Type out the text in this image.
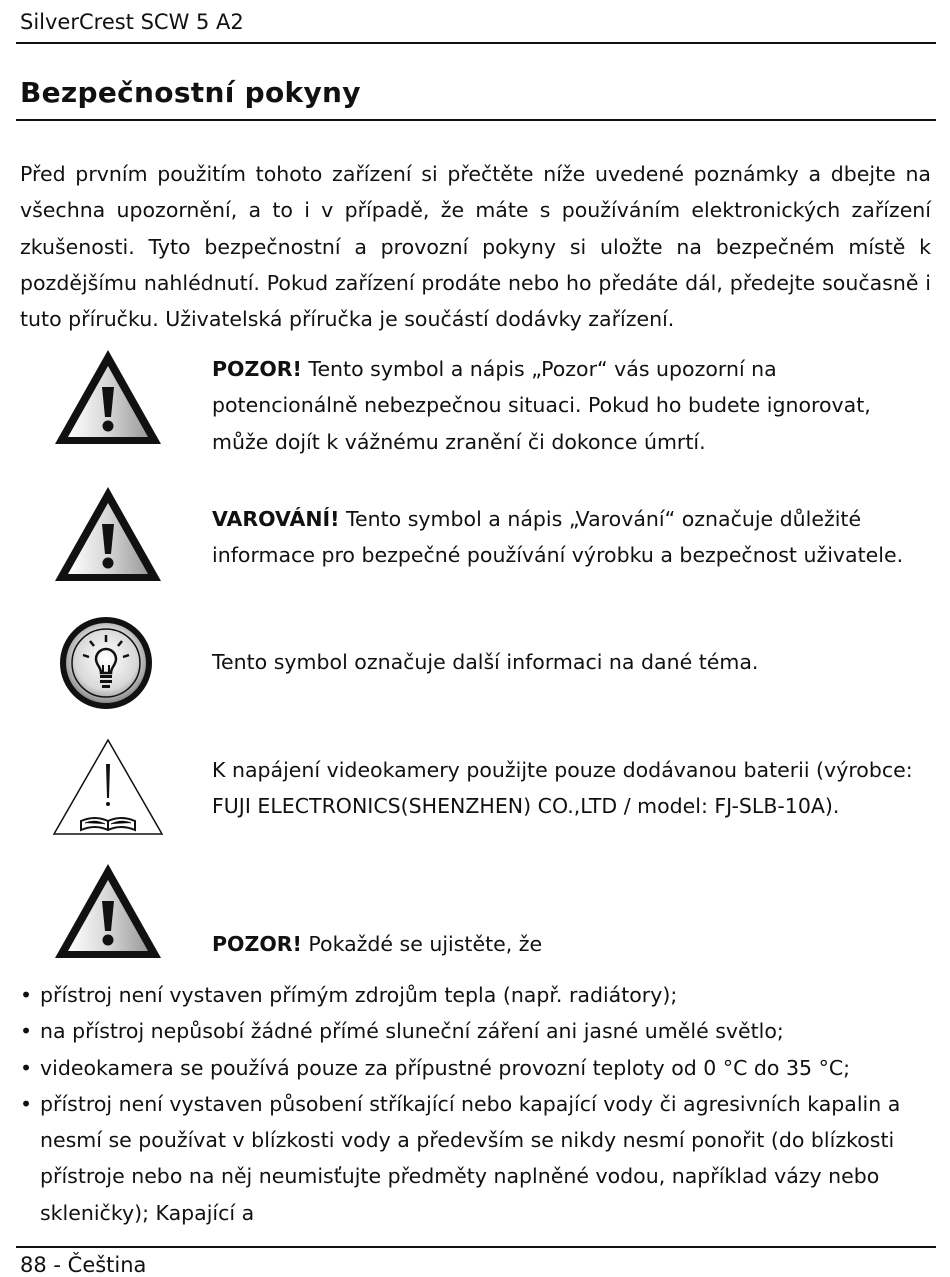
SilverCrest SCW 5 A2
Bezpečnostní pokyny

Před prvním použitím tohoto zařízení si přečtěte níže uvedené poznámky a dbejte na všechna upozornění, a to i v případě, že máte s používáním elektronických zařízení zkušenosti. Tyto bezpečnostní a provozní pokyny si uložte na bezpečném místě k pozdějšímu nahlédnutí. Pokud zařízení prodáte nebo ho předáte dál, předejte současně i tuto příručku. Uživatelská příručka je součástí dodávky zařízení.

POZOR! Tento symbol a nápis „Pozor“ vás upozorní na potencionálně nebezpečnou situaci. Pokud ho budete ignorovat, může dojít k vážnému zranění či dokonce úmrtí.

VAROVÁNÍ! Tento symbol a nápis „Varování“ označuje důležité informace pro bezpečné používání výrobku a bezpečnost uživatele.

Tento symbol označuje další informaci na dané téma.

K napájení videokamery použijte pouze dodávanou baterii (výrobce: FUJI ELECTRONICS(SHENZHEN) CO.,LTD / model: FJ-SLB-10A).

POZOR! Pokaždé se ujistěte, že

• přístroj není vystaven přímým zdrojům tepla (např. radiátory);
• na přístroj nepůsobí žádné přímé sluneční záření ani jasné umělé světlo;
• videokamera se používá pouze za přípustné provozní teploty od 0 °C do 35 °C;
• přístroj není vystaven působení stříkající nebo kapající vody či agresivních kapalin a nesmí se používat v blízkosti vody a především se nikdy nesmí ponořit (do blízkosti přístroje nebo na něj neumisťujte předměty naplněné vodou, například vázy nebo skleničky); Kapající a
88 - Čeština
